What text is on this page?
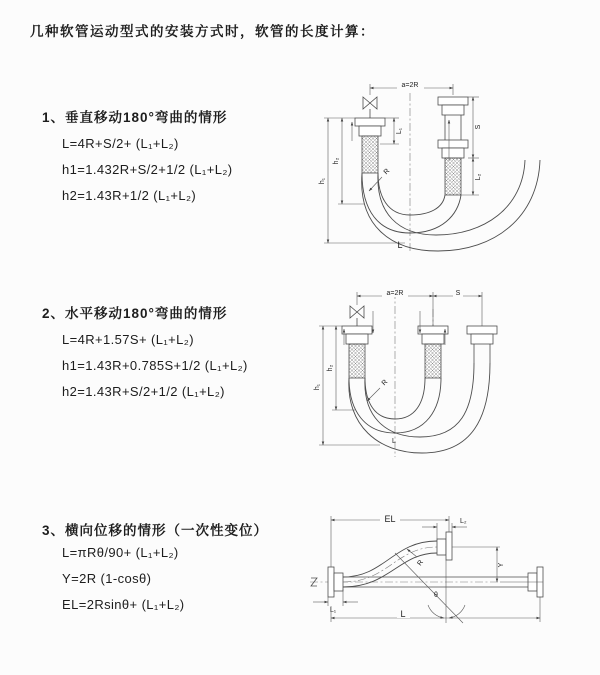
几种软管运动型式的安装方式时，软管的长度计算：
1、垂直移动180°弯曲的情形
L=4R+S/2+ (L₁+L₂)
h1=1.432R+S/2+1/2 (L₁+L₂)
h2=1.43R+1/2 (L₁+L₂)
2、水平移动180°弯曲的情形
L=4R+1.57S+ (L₁+L₂)
h1=1.43R+0.785S+1/2 (L₁+L₂)
h2=1.43R+S/2+1/2 (L₁+L₂)
3、横向位移的情形（一次性变位）
L=πRθ/90+ (L₁+L₂)
Y=2R (1-cosθ)
EL=2Rsinθ+ (L₁+L₂)
a=2R
L₁
h₂
h₁
S
L₂
R
L
a=2R	S
h₂
h₁	R
L
EL	L₂
Y
θ
R
L₁	L
